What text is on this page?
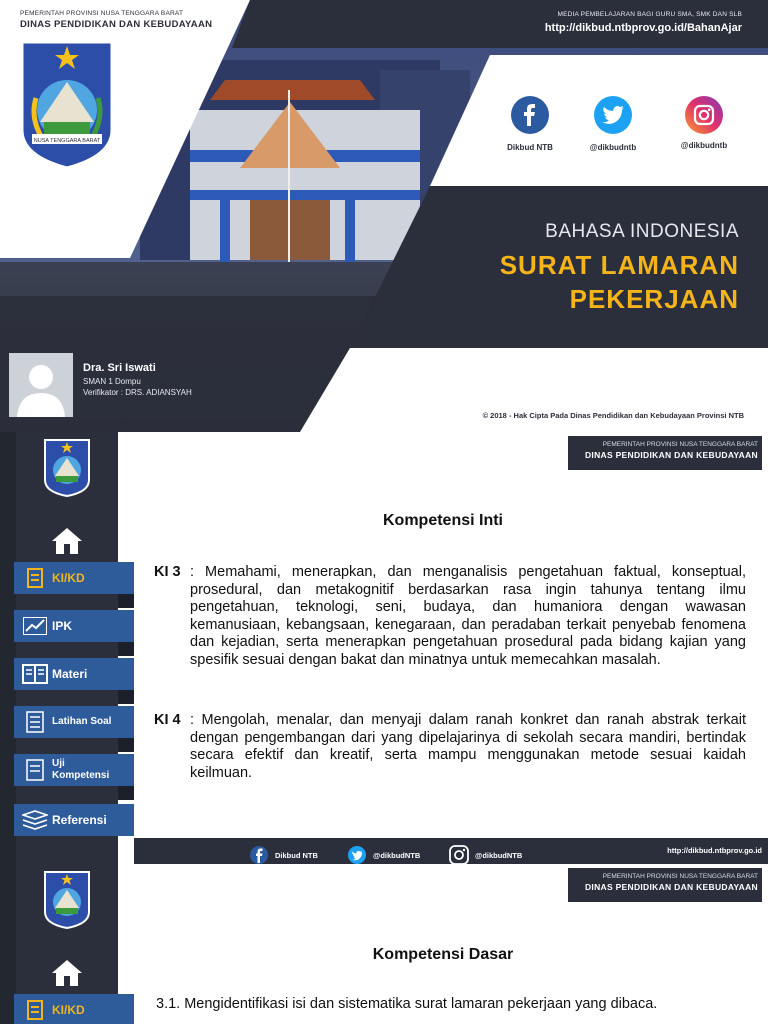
PEMERINTAH PROVINSI NUSA TENGGARA BARAT
DINAS PENDIDIKAN DAN KEBUDAYAAN
NUSA TENGGARA BARAT
MEDIA PEMBELAJARAN BAGI GURU SMA, SMK DAN SLB
http://dikbud.ntbprov.go.id/BahanAjar
Dikbud NTB	@dikbudntb	@dikbudntb
BAHASA INDONESIA
SURAT LAMARAN
PEKERJAAN
Dra. Sri Iswati
SMAN 1 Dompu
Verifikator : DRS. ADIANSYAH
© 2018 - Hak Cipta Pada Dinas Pendidikan dan Kebudayaan Provinsi NTB
KI/KD
IPK
Materi
Latihan Soal
Uji Kompetensi
Referensi
PEMERINTAH PROVINSI NUSA TENGGARA BARAT
DINAS PENDIDIKAN DAN KEBUDAYAAN
Kompetensi Inti
KI 3 : Memahami, menerapkan, dan menganalisis pengetahuan faktual, konseptual, prosedural, dan metakognitif berdasarkan rasa ingin tahunya tentang ilmu pengetahuan, teknologi, seni, budaya, dan humaniora dengan wawasan kemanusiaan, kebangsaan, kenegaraan, dan peradaban terkait penyebab fenomena dan kejadian, serta menerapkan pengetahuan prosedural pada bidang kajian yang spesifik sesuai dengan bakat dan minatnya untuk memecahkan masalah.
KI 4 : Mengolah, menalar, dan menyaji dalam ranah konkret dan ranah abstrak terkait dengan pengembangan dari yang dipelajarinya di sekolah secara mandiri, bertindak secara efektif dan kreatif, serta mampu menggunakan metode sesuai kaidah keilmuan.
Dikbud NTB	@dikbudNTB	@dikbudNTB	http://dikbud.ntbprov.go.id
KI/KD
PEMERINTAH PROVINSI NUSA TENGGARA BARAT
DINAS PENDIDIKAN DAN KEBUDAYAAN
Kompetensi Dasar
3.1. Mengidentifikasi isi dan sistematika surat lamaran pekerjaan yang dibaca.
